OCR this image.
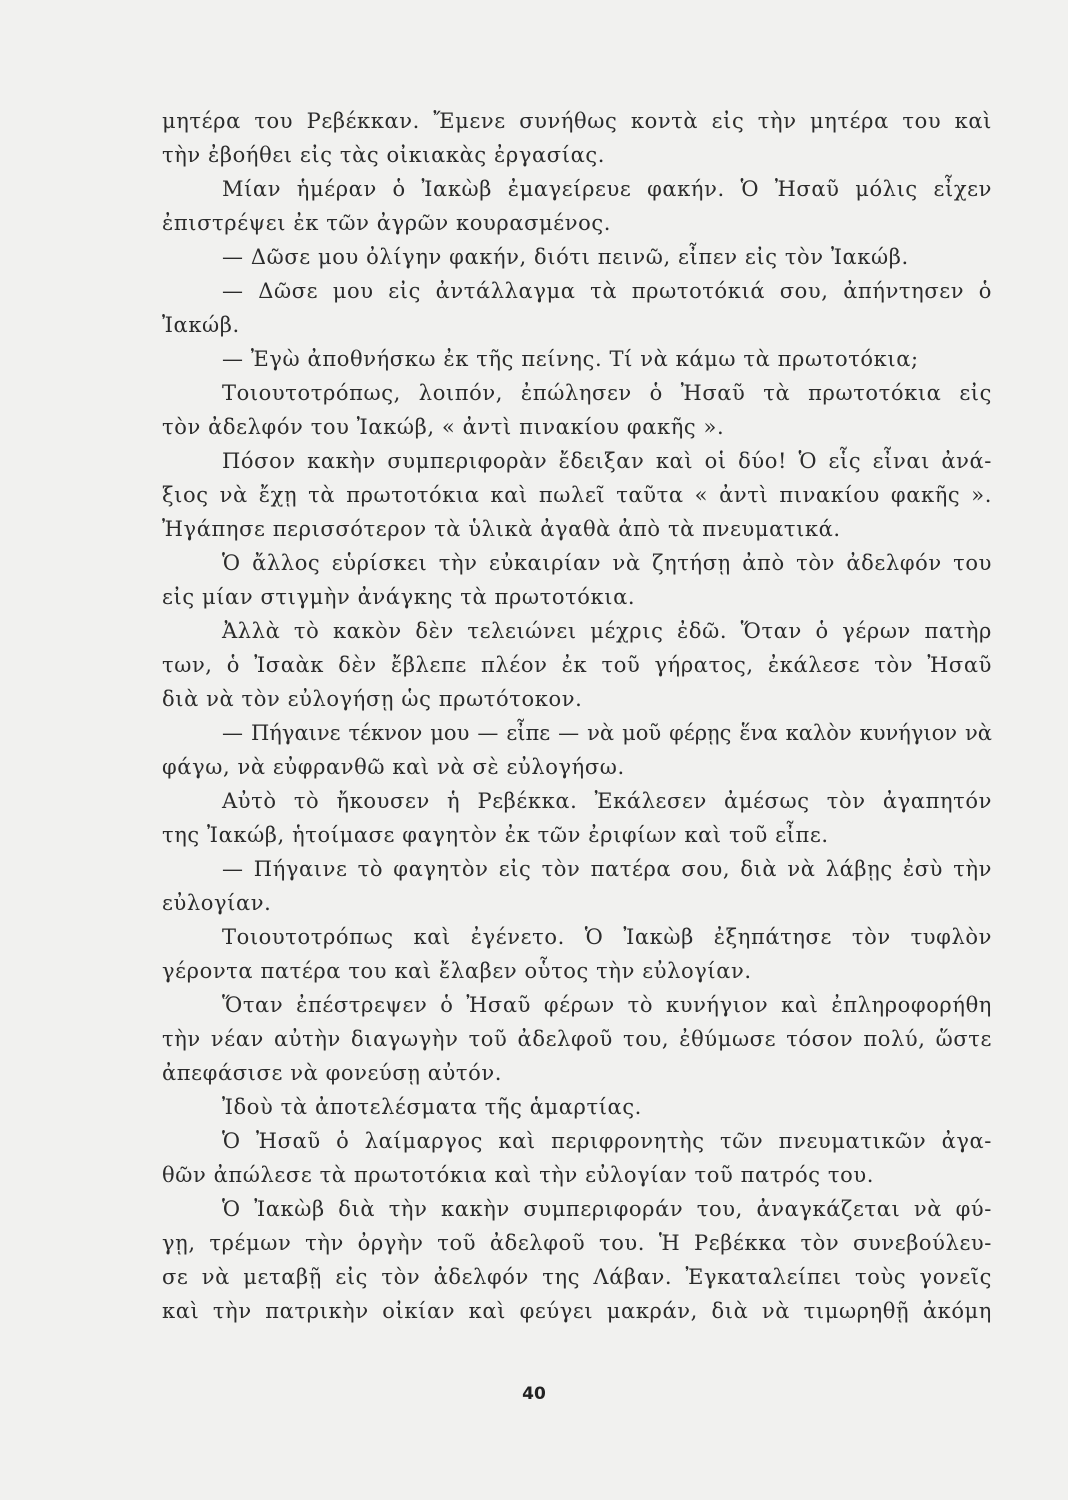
μητέρα του Ρεβέκκαν. Ἔμενε συνήθως κοντὰ εἰς τὴν μητέρα του καὶ
τὴν ἐβοήθει εἰς τὰς οἰκιακὰς ἐργασίας.
Μίαν ἡμέραν ὁ Ἰακὼβ ἐμαγείρευε φακήν. Ὁ Ἠσαῦ μόλις εἶχεν
ἐπιστρέψει ἐκ τῶν ἀγρῶν κουρασμένος.
— Δῶσε μου ὀλίγην φακήν, διότι πεινῶ, εἶπεν εἰς τὸν Ἰακώβ.
— Δῶσε μου εἰς ἀντάλλαγμα τὰ πρωτοτόκιά σου, ἀπήντησεν ὁ
Ἰακώβ.
— Ἐγὼ ἀποθνήσκω ἐκ τῆς πείνης. Τί νὰ κάμω τὰ πρωτοτόκια;
Τοιουτοτρόπως, λοιπόν, ἐπώλησεν ὁ Ἠσαῦ τὰ πρωτοτόκια εἰς
τὸν ἀδελφόν του Ἰακώβ, « ἀντὶ πινακίου φακῆς ».
Πόσον κακὴν συμπεριφορὰν ἔδειξαν καὶ οἱ δύο! Ὁ εἷς εἶναι ἀνά-
ξιος νὰ ἔχῃ τὰ πρωτοτόκια καὶ πωλεῖ ταῦτα « ἀντὶ πινακίου φακῆς ».
Ἠγάπησε περισσότερον τὰ ὑλικὰ ἀγαθὰ ἀπὸ τὰ πνευματικά.
Ὁ ἄλλος εὑρίσκει τὴν εὐκαιρίαν νὰ ζητήσῃ ἀπὸ τὸν ἀδελφόν του
εἰς μίαν στιγμὴν ἀνάγκης τὰ πρωτοτόκια.
Ἀλλὰ τὸ κακὸν δὲν τελειώνει μέχρις ἐδῶ. Ὅταν ὁ γέρων πατὴρ
των, ὁ Ἰσαὰκ δὲν ἔβλεπε πλέον ἐκ τοῦ γήρατος, ἐκάλεσε τὸν Ἠσαῦ
διὰ νὰ τὸν εὐλογήσῃ ὡς πρωτότοκον.
— Πήγαινε τέκνον μου — εἶπε — νὰ μοῦ φέρῃς ἕνα καλὸν κυνήγιον νὰ
φάγω, νὰ εὐφρανθῶ καὶ νὰ σὲ εὐλογήσω.
Αὐτὸ τὸ ἤκουσεν ἡ Ρεβέκκα. Ἐκάλεσεν ἀμέσως τὸν ἀγαπητόν
της Ἰακώβ, ἡτοίμασε φαγητὸν ἐκ τῶν ἐριφίων καὶ τοῦ εἶπε.
— Πήγαινε τὸ φαγητὸν εἰς τὸν πατέρα σου, διὰ νὰ λάβῃς ἐσὺ τὴν
εὐλογίαν.
Τοιουτοτρόπως καὶ ἐγένετο. Ὁ Ἰακὼβ ἐξηπάτησε τὸν τυφλὸν
γέροντα πατέρα του καὶ ἔλαβεν οὗτος τὴν εὐλογίαν.
Ὅταν ἐπέστρεψεν ὁ Ἠσαῦ φέρων τὸ κυνήγιον καὶ ἐπληροφορήθη
τὴν νέαν αὐτὴν διαγωγὴν τοῦ ἀδελφοῦ του, ἐθύμωσε τόσον πολύ, ὥστε
ἀπεφάσισε νὰ φονεύσῃ αὐτόν.
Ἰδοὺ τὰ ἀποτελέσματα τῆς ἁμαρτίας.
Ὁ Ἠσαῦ ὁ λαίμαργος καὶ περιφρονητὴς τῶν πνευματικῶν ἀγα-
θῶν ἀπώλεσε τὰ πρωτοτόκια καὶ τὴν εὐλογίαν τοῦ πατρός του.
Ὁ Ἰακὼβ διὰ τὴν κακὴν συμπεριφοράν του, ἀναγκάζεται νὰ φύ-
γῃ, τρέμων τὴν ὀργὴν τοῦ ἀδελφοῦ του. Ἡ Ρεβέκκα τὸν συνεβούλευ-
σε νὰ μεταβῇ εἰς τὸν ἀδελφόν της Λάβαν. Ἐγκαταλείπει τοὺς γονεῖς
καὶ τὴν πατρικὴν οἰκίαν καὶ φεύγει μακράν, διὰ νὰ τιμωρηθῇ ἀκόμη
40
